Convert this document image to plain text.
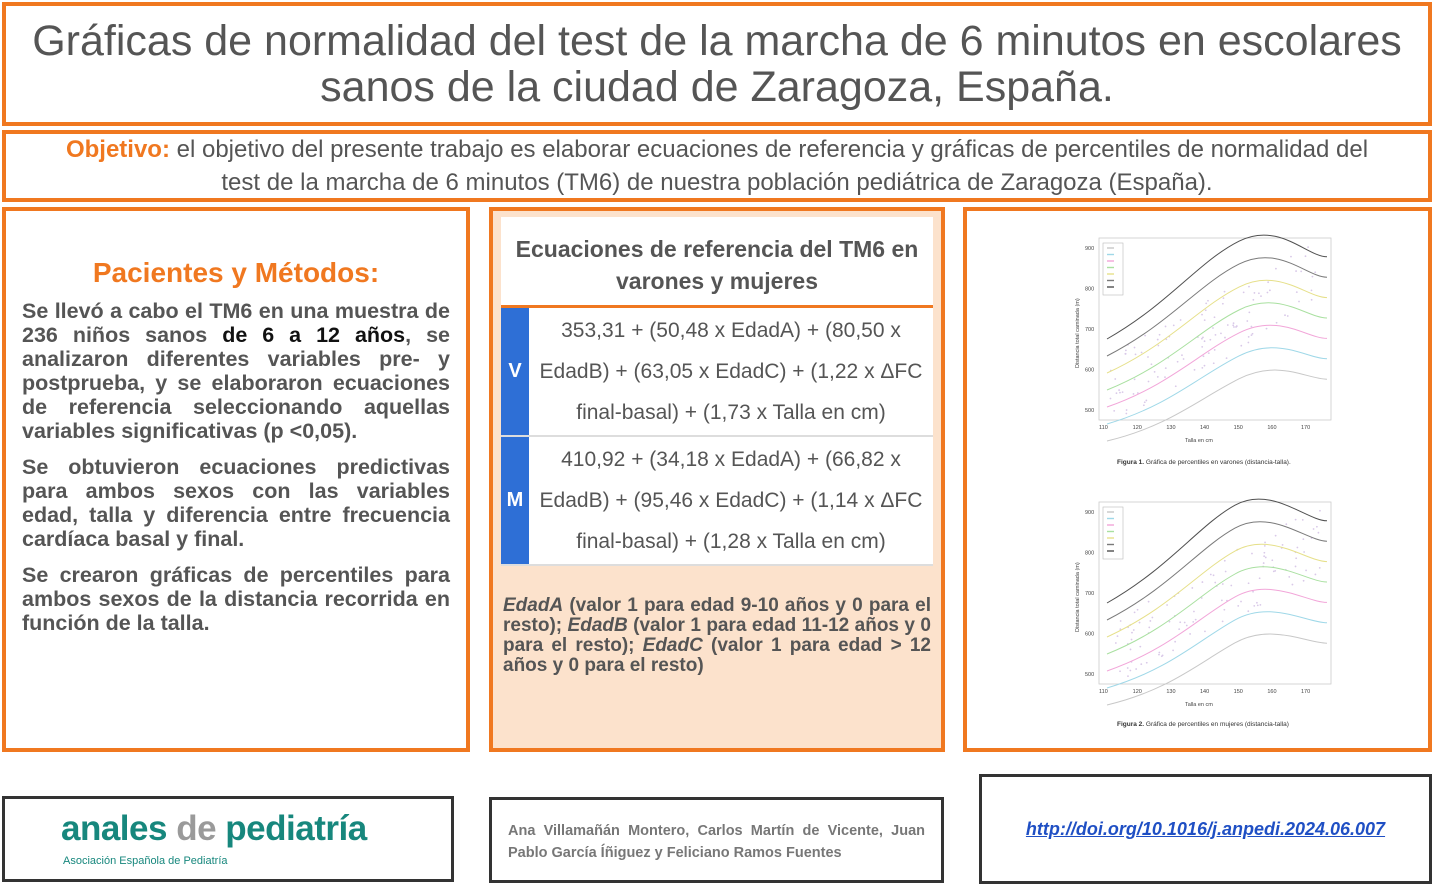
Gráficas de normalidad del test de la marcha de 6 minutos en escolares sanos de la ciudad de Zaragoza, España.

Objetivo: el objetivo del presente trabajo es elaborar ecuaciones de referencia y gráficas de percentiles de normalidad del test de la marcha de 6 minutos (TM6) de nuestra población pediátrica de Zaragoza (España).

Pacientes y Métodos:

Se llevó a cabo el TM6 en una muestra de 236 niños sanos de 6 a 12 años, se analizaron diferentes variables pre- y postprueba, y se elaboraron ecuaciones de referencia seleccionando aquellas variables significativas (p <0,05).

Se obtuvieron ecuaciones predictivas para ambos sexos con las variables edad, talla y diferencia entre frecuencia cardíaca basal y final.

Se crearon gráficas de percentiles para ambos sexos de la distancia recorrida en función de la talla.

Ecuaciones de referencia del TM6 en varones y mujeres
V
353,31 + (50,48 x EdadA) + (80,50 x EdadB) + (63,05 x EdadC) + (1,22 x ΔFC final-basal) + (1,73 x Talla en cm)
M
410,92 + (34,18 x EdadA) + (66,82 x EdadB) + (95,46 x EdadC) + (1,14 x ΔFC final-basal) + (1,28 x Talla en cm)
EdadA (valor 1 para edad 9-10 años y 0 para el resto); EdadB (valor 1 para edad 11-12 años y 0 para el resto); EdadC (valor 1 para edad > 12 años y 0 para el resto)
500
600
700
800
900
110	120	130	140	150	160	170
Talla en cm
Distancia total caminada (m)
Figura 1. Gráfica de percentiles en varones (distancia-talla).
500
600
700
800
900
110	120	130	140	150	160	170
Talla en cm
Distancia total caminada (m)
Figura 2. Gráfica de percentiles en mujeres (distancia-talla)
anales de pediatría
Asociación Española de Pediatría
Ana Villamañán Montero, Carlos Martín de Vicente, Juan Pablo García Íñiguez y Feliciano Ramos Fuentes
http://doi.org/10.1016/j.anpedi.2024.06.007
